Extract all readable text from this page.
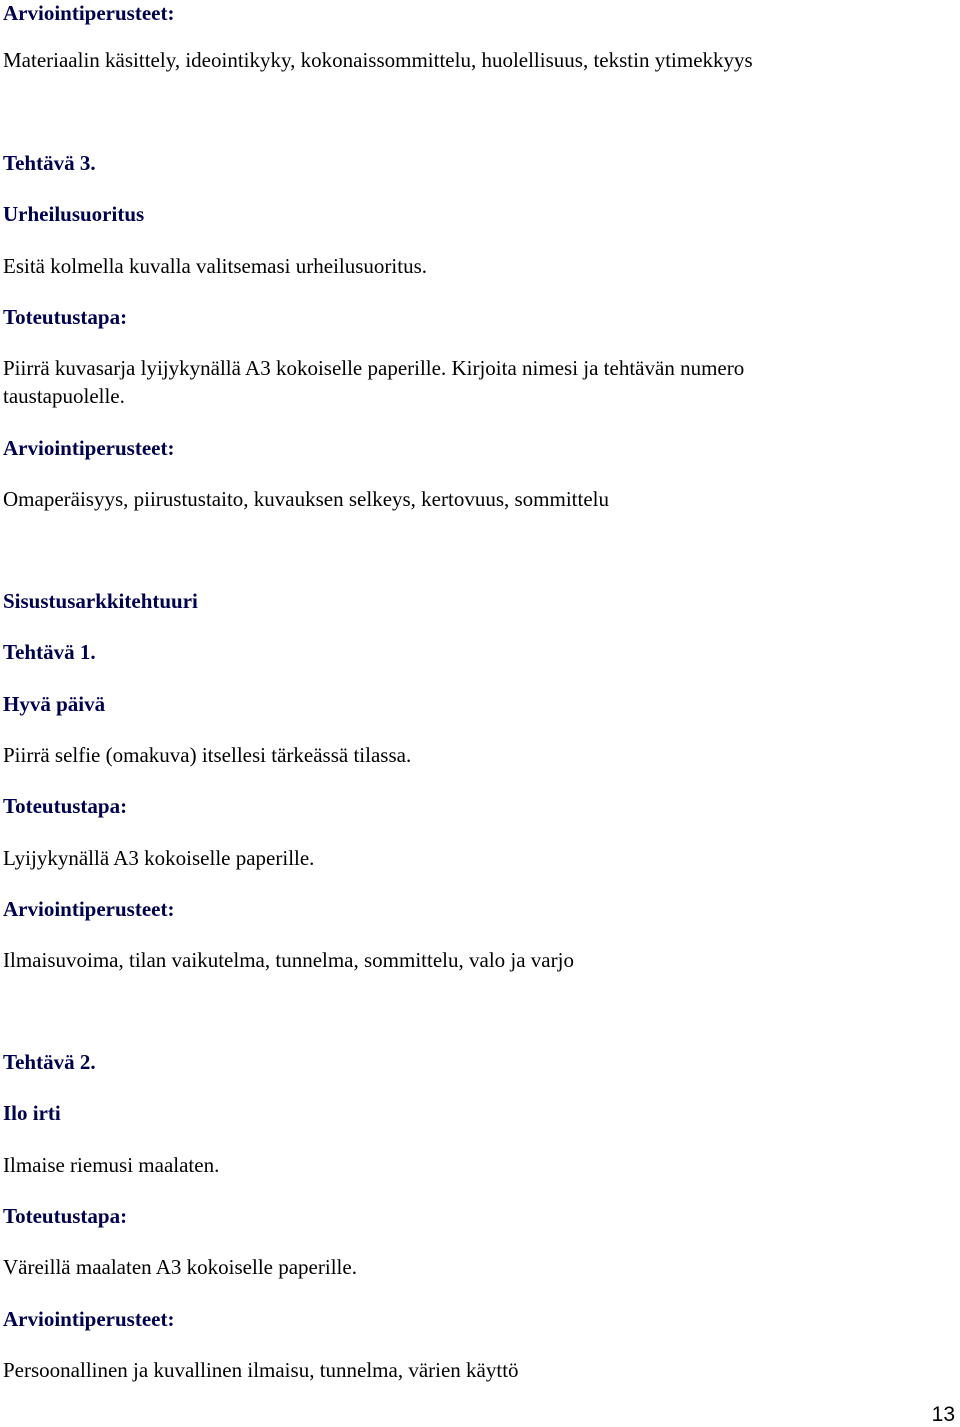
Arviointiperusteet:
Materiaalin käsittely, ideointikyky, kokonaissommittelu, huolellisuus, tekstin ytimekkyys
Tehtävä 3.
Urheilusuoritus
Esitä kolmella kuvalla valitsemasi urheilusuoritus.
Toteutustapa:
Piirrä kuvasarja lyijykynällä A3 kokoiselle paperille. Kirjoita nimesi ja tehtävän numero
taustapuolelle.
Arviointiperusteet:
Omaperäisyys, piirustustaito, kuvauksen selkeys, kertovuus, sommittelu
Sisustusarkkitehtuuri
Tehtävä 1.
Hyvä päivä
Piirrä selfie (omakuva) itsellesi tärkeässä tilassa.
Toteutustapa:
Lyijykynällä A3 kokoiselle paperille.
Arviointiperusteet:
Ilmaisuvoima, tilan vaikutelma, tunnelma, sommittelu, valo ja varjo
Tehtävä 2.
Ilo irti
Ilmaise riemusi maalaten.
Toteutustapa:
Väreillä maalaten A3 kokoiselle paperille.
Arviointiperusteet:
Persoonallinen ja kuvallinen ilmaisu, tunnelma, värien käyttö
13
